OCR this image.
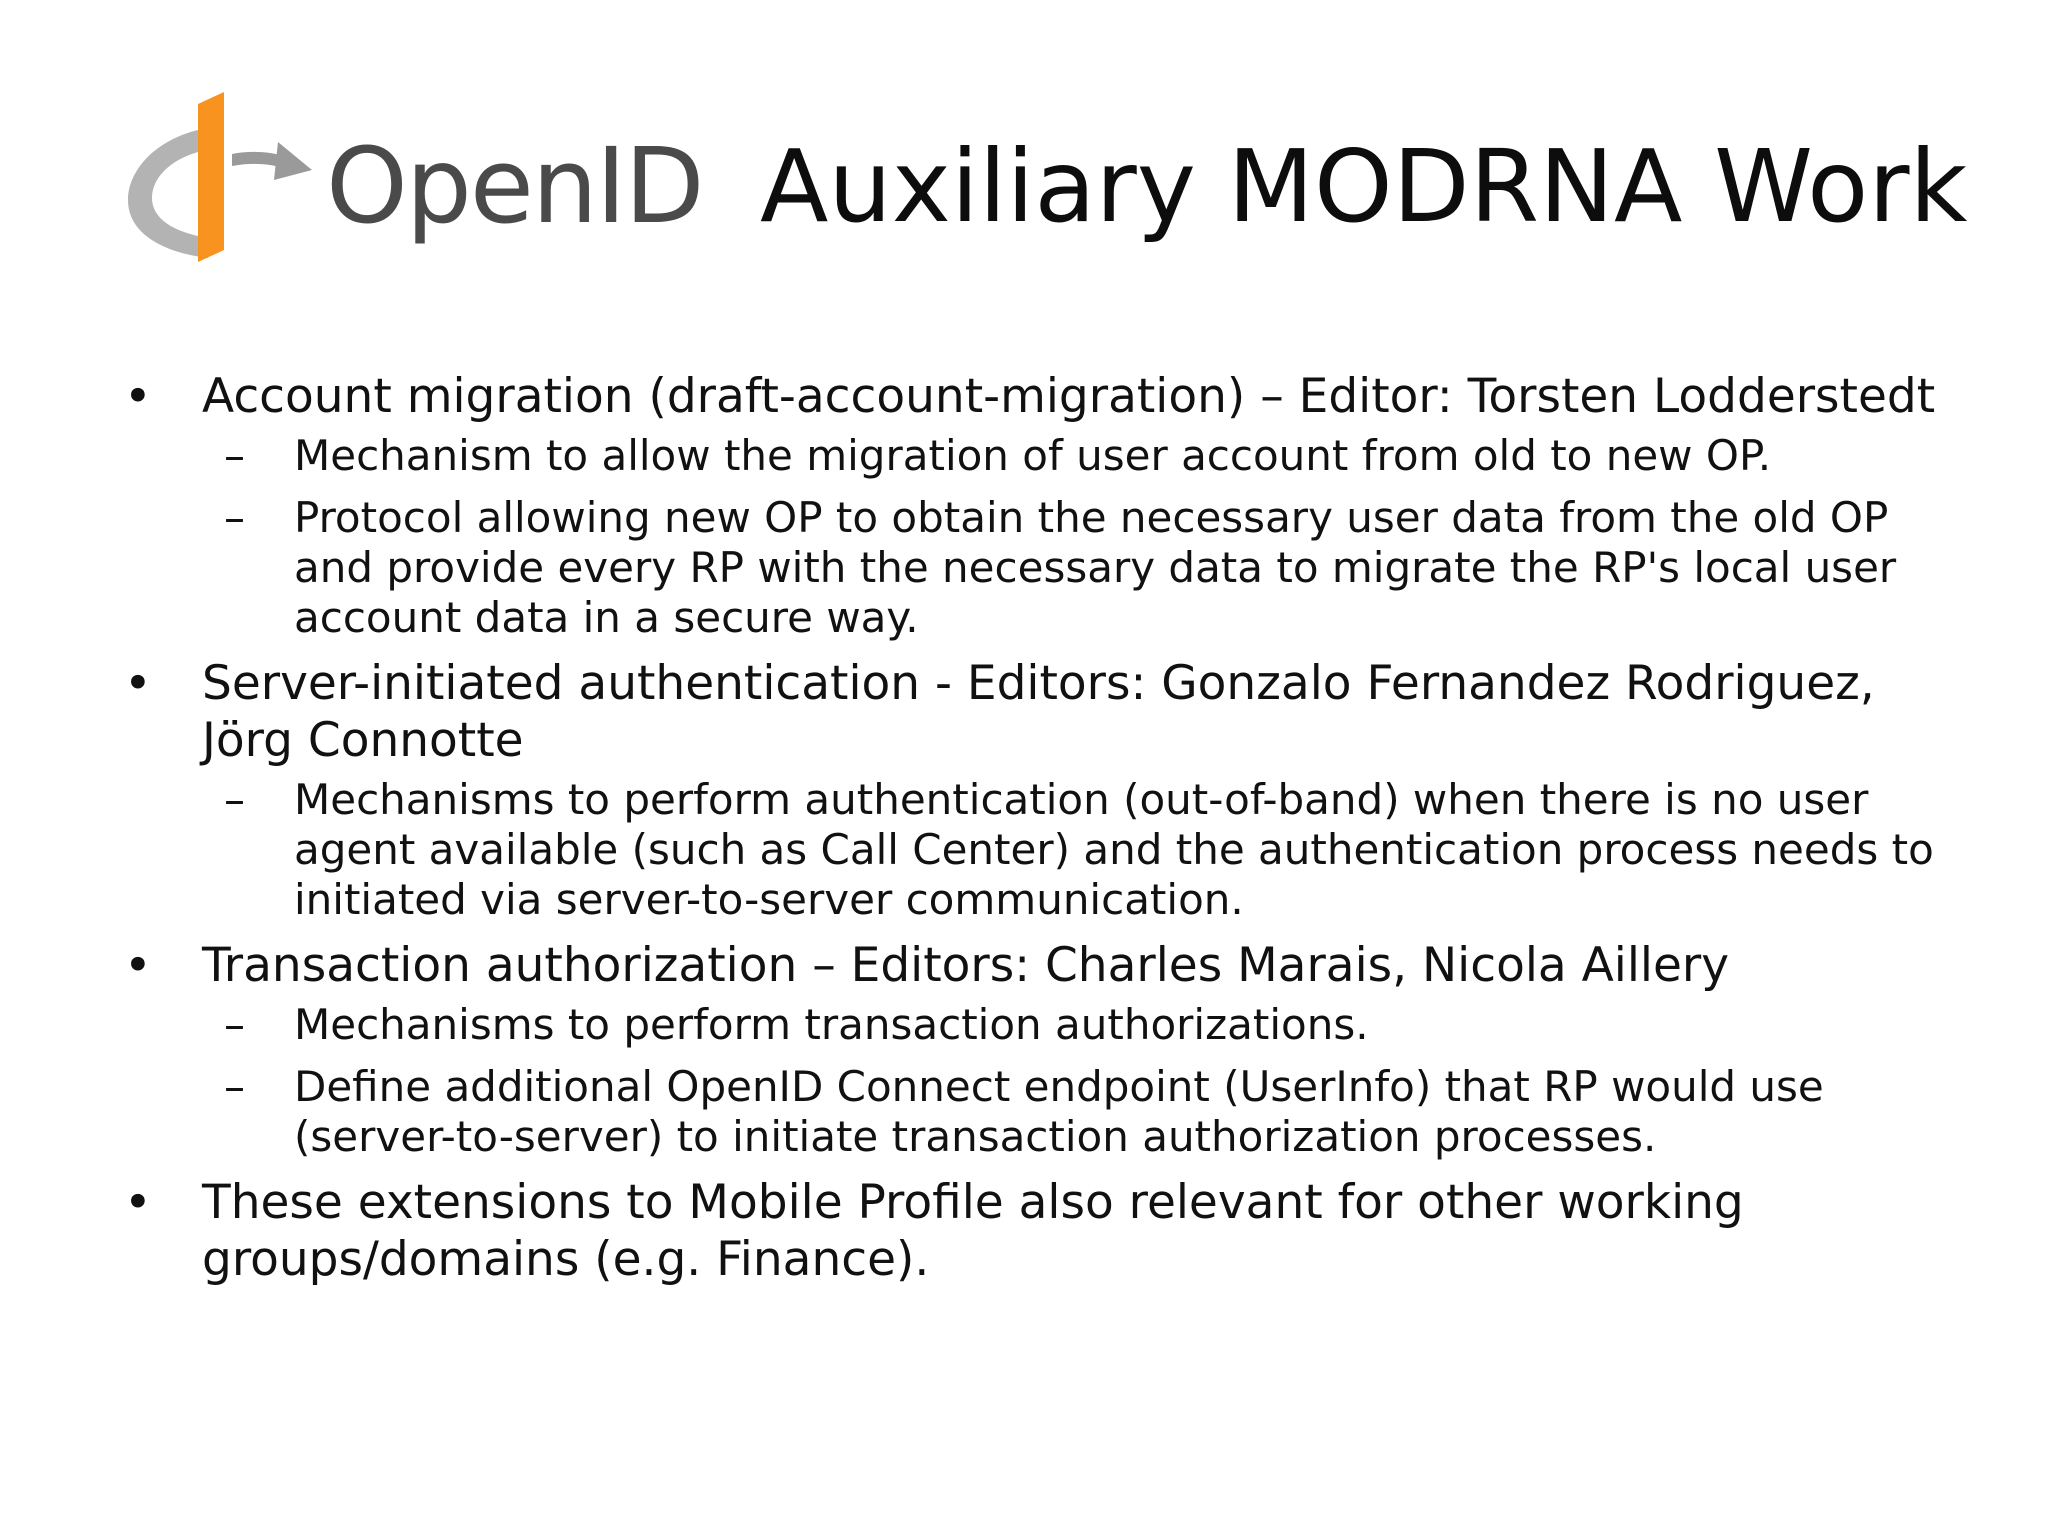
OpenID Auxiliary MODRNA Work
• Account migration (draft-account-migration) – Editor: Torsten Lodderstedt
– Mechanism to allow the migration of user account from old to new OP.
– Protocol allowing new OP to obtain the necessary user data from the old OP and provide every RP with the necessary data to migrate the RP's local user account data in a secure way.
• Server-initiated authentication - Editors: Gonzalo Fernandez Rodriguez, Jörg Connotte
– Mechanisms to perform authentication (out-of-band) when there is no user agent available (such as Call Center) and the authentication process needs to initiated via server-to-server communication.
• Transaction authorization – Editors: Charles Marais, Nicola Aillery
– Mechanisms to perform transaction authorizations.
– Define additional OpenID Connect endpoint (UserInfo) that RP would use (server-to-server) to initiate transaction authorization processes.
• These extensions to Mobile Profile also relevant for other working groups/domains (e.g. Finance).
